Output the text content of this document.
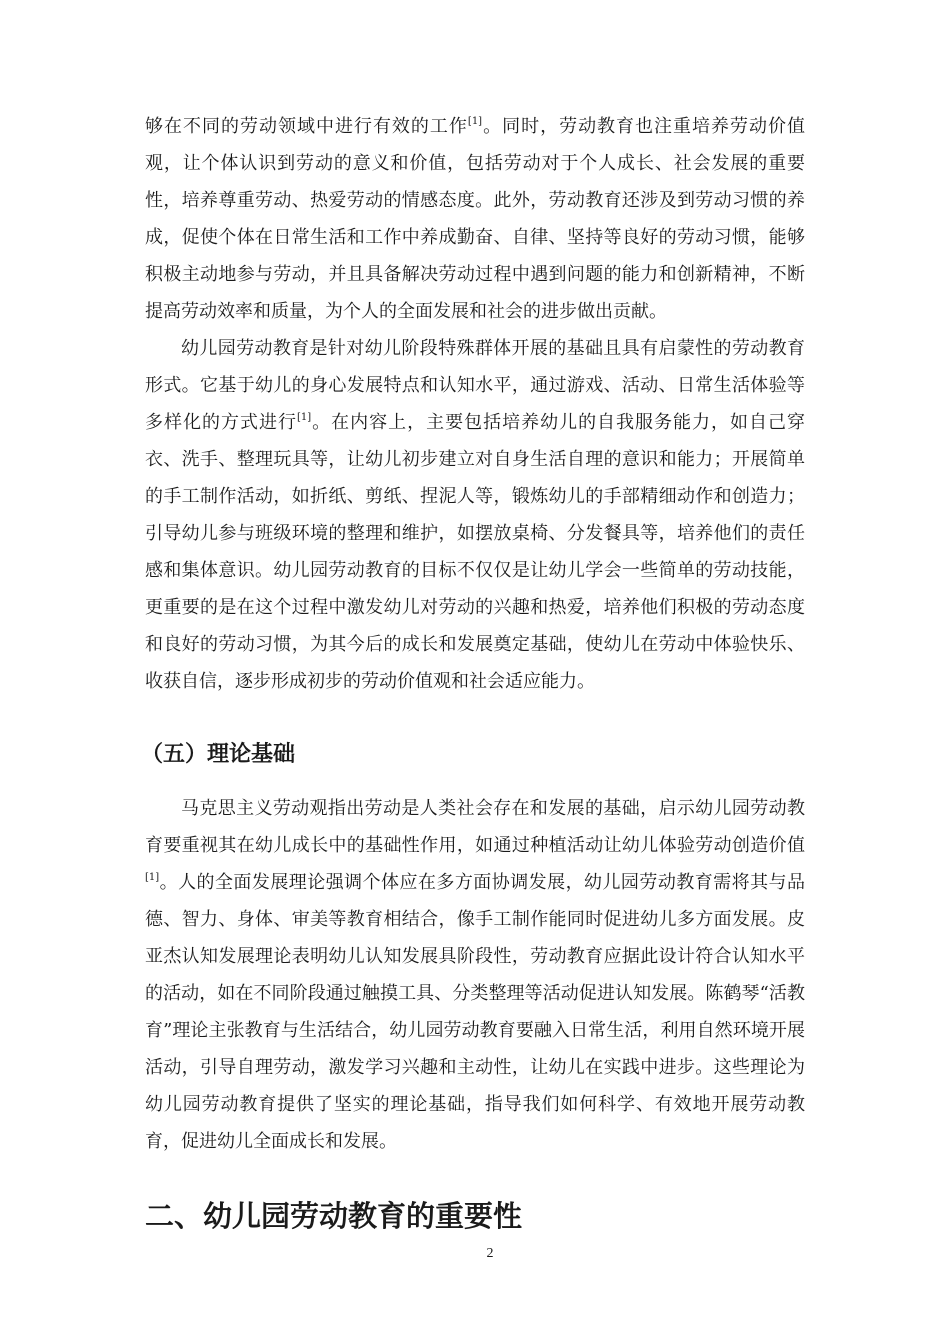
够在不同的劳动领域中进行有效的工作[1]。同时，劳动教育也注重培养劳动价值观，让个体认识到劳动的意义和价值，包括劳动对于个人成长、社会发展的重要性，培养尊重劳动、热爱劳动的情感态度。此外，劳动教育还涉及到劳动习惯的养成，促使个体在日常生活和工作中养成勤奋、自律、坚持等良好的劳动习惯，能够积极主动地参与劳动，并且具备解决劳动过程中遇到问题的能力和创新精神，不断提高劳动效率和质量，为个人的全面发展和社会的进步做出贡献。

幼儿园劳动教育是针对幼儿阶段特殊群体开展的基础且具有启蒙性的劳动教育形式。它基于幼儿的身心发展特点和认知水平，通过游戏、活动、日常生活体验等多样化的方式进行[1]。在内容上，主要包括培养幼儿的自我服务能力，如自己穿衣、洗手、整理玩具等，让幼儿初步建立对自身生活自理的意识和能力；开展简单的手工制作活动，如折纸、剪纸、捏泥人等，锻炼幼儿的手部精细动作和创造力；引导幼儿参与班级环境的整理和维护，如摆放桌椅、分发餐具等，培养他们的责任感和集体意识。幼儿园劳动教育的目标不仅仅是让幼儿学会一些简单的劳动技能，更重要的是在这个过程中激发幼儿对劳动的兴趣和热爱，培养他们积极的劳动态度和良好的劳动习惯，为其今后的成长和发展奠定基础，使幼儿在劳动中体验快乐、收获自信，逐步形成初步的劳动价值观和社会适应能力。

（五）理论基础

马克思主义劳动观指出劳动是人类社会存在和发展的基础，启示幼儿园劳动教育要重视其在幼儿成长中的基础性作用，如通过种植活动让幼儿体验劳动创造价值[1]。人的全面发展理论强调个体应在多方面协调发展，幼儿园劳动教育需将其与品德、智力、身体、审美等教育相结合，像手工制作能同时促进幼儿多方面发展。皮亚杰认知发展理论表明幼儿认知发展具阶段性，劳动教育应据此设计符合认知水平的活动，如在不同阶段通过触摸工具、分类整理等活动促进认知发展。陈鹤琴“活教育”理论主张教育与生活结合，幼儿园劳动教育要融入日常生活，利用自然环境开展活动，引导自理劳动，激发学习兴趣和主动性，让幼儿在实践中进步。这些理论为幼儿园劳动教育提供了坚实的理论基础，指导我们如何科学、有效地开展劳动教育，促进幼儿全面成长和发展。

二、幼儿园劳动教育的重要性
2
